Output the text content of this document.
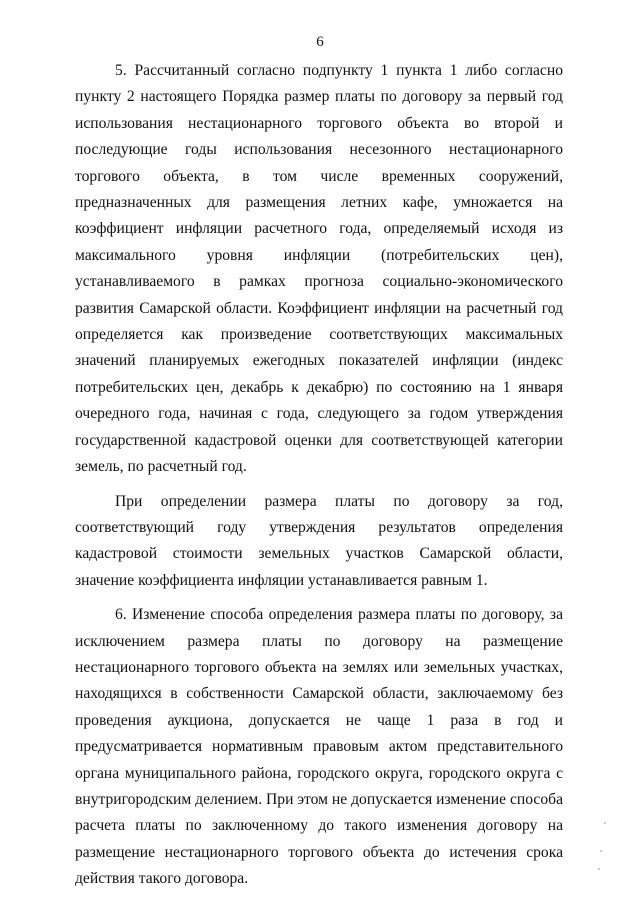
6

5. Рассчитанный согласно подпункту 1 пункта 1 либо согласно пункту 2 настоящего Порядка размер платы по договору за первый год использования нестационарного торгового объекта во второй и последующие годы использования несезонного нестационарного торгового объекта, в том числе временных сооружений, предназначенных для размещения летних кафе, умножается на коэффициент инфляции расчетного года, определяемый исходя из максимального уровня инфляции (потребительских цен), устанавливаемого в рамках прогноза социально-экономического развития Самарской области. Коэффициент инфляции на расчетный год определяется как произведение соответствующих максимальных значений планируемых ежегодных показателей инфляции (индекс потребительских цен, декабрь к декабрю) по состоянию на 1 января очередного года, начиная с года, следующего за годом утверждения государственной кадастровой оценки для соответствующей категории земель, по расчетный год.

При определении размера платы по договору за год, соответствующий году утверждения результатов определения кадастровой стоимости земельных участков Самарской области, значение коэффициента инфляции устанавливается равным 1.

6. Изменение способа определения размера платы по договору, за исключением размера платы по договору на размещение нестационарного торгового объекта на землях или земельных участках, находящихся в собственности Самарской области, заключаемому без проведения аукциона, допускается не чаще 1 раза в год и предусматривается нормативным правовым актом представительного органа муниципального района, городского округа, городского округа с внутригородским делением. При этом не допускается изменение способа расчета платы по заключенному до такого изменения договору на размещение нестационарного торгового объекта до истечения срока действия такого договора.
